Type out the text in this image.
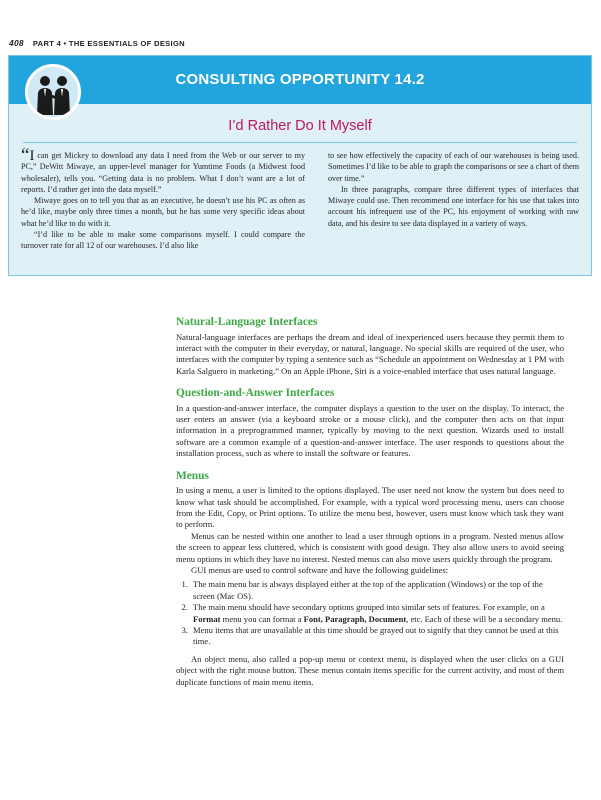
408 PART 4 • THE ESSENTIALS OF DESIGN
CONSULTING OPPORTUNITY 14.2
I’d Rather Do It Myself

“I can get Mickey to download any data I need from the Web or our server to my PC,” DeWitt Miwaye, an upper-level manager for Yumtime Foods (a Midwest food wholesaler), tells you. “Getting data is no problem. What I don’t want are a lot of reports. I’d rather get into the data myself.”

Miwaye goes on to tell you that as an executive, he doesn’t use his PC as often as he’d like, maybe only three times a month, but he has some very specific ideas about what he’d like to do with it.

“I’d like to be able to make some comparisons myself. I could compare the turnover rate for all 12 of our warehouses. I’d also like

to see how effectively the capacity of each of our warehouses is being used. Sometimes I’d like to be able to graph the comparisons or see a chart of them over time.”

In three paragraphs, compare three different types of interfaces that Miwaye could use. Then recommend one interface for his use that takes into account his infrequent use of the PC, his enjoyment of working with raw data, and his desire to see data displayed in a variety of ways.

Natural-Language Interfaces

Natural-language interfaces are perhaps the dream and ideal of inexperienced users because they permit them to interact with the computer in their everyday, or natural, language. No special skills are required of the user, who interfaces with the computer by typing a sentence such as “Schedule an appointment on Wednesday at 1 PM with Karla Salguero in marketing.” On an Apple iPhone, Siri is a voice-enabled interface that uses natural language.

Question-and-Answer Interfaces

In a question-and-answer interface, the computer displays a question to the user on the display. To interact, the user enters an answer (via a keyboard stroke or a mouse click), and the computer then acts on that input information in a preprogrammed manner, typically by moving to the next question. Wizards used to install software are a common example of a question-and-answer interface. The user responds to questions about the installation process, such as where to install the software or features.

Menus

In using a menu, a user is limited to the options displayed. The user need not know the system but does need to know what task should be accomplished. For example, with a typical word processing menu, users can choose from the Edit, Copy, or Print options. To utilize the menu best, however, users must know which task they want to perform.

Menus can be nested within one another to lead a user through options in a program. Nested menus allow the screen to appear less cluttered, which is consistent with good design. They also allow users to avoid seeing menu options in which they have no interest. Nested menus can also move users quickly through the program.

GUI menus are used to control software and have the following guidelines:

1. The main menu bar is always displayed either at the top of the application (Windows) or the top of the screen (Mac OS).
2. The main menu should have secondary options grouped into similar sets of features. For example, on a Format menu you can format a Font, Paragraph, Document, etc. Each of these will be a secondary menu.
3. Menu items that are unavailable at this time should be grayed out to signify that they cannot be used at this time.

An object menu, also called a pop-up menu or context menu, is displayed when the user clicks on a GUI object with the right mouse button. These menus contain items specific for the current activity, and most of them duplicate functions of main menu items.
